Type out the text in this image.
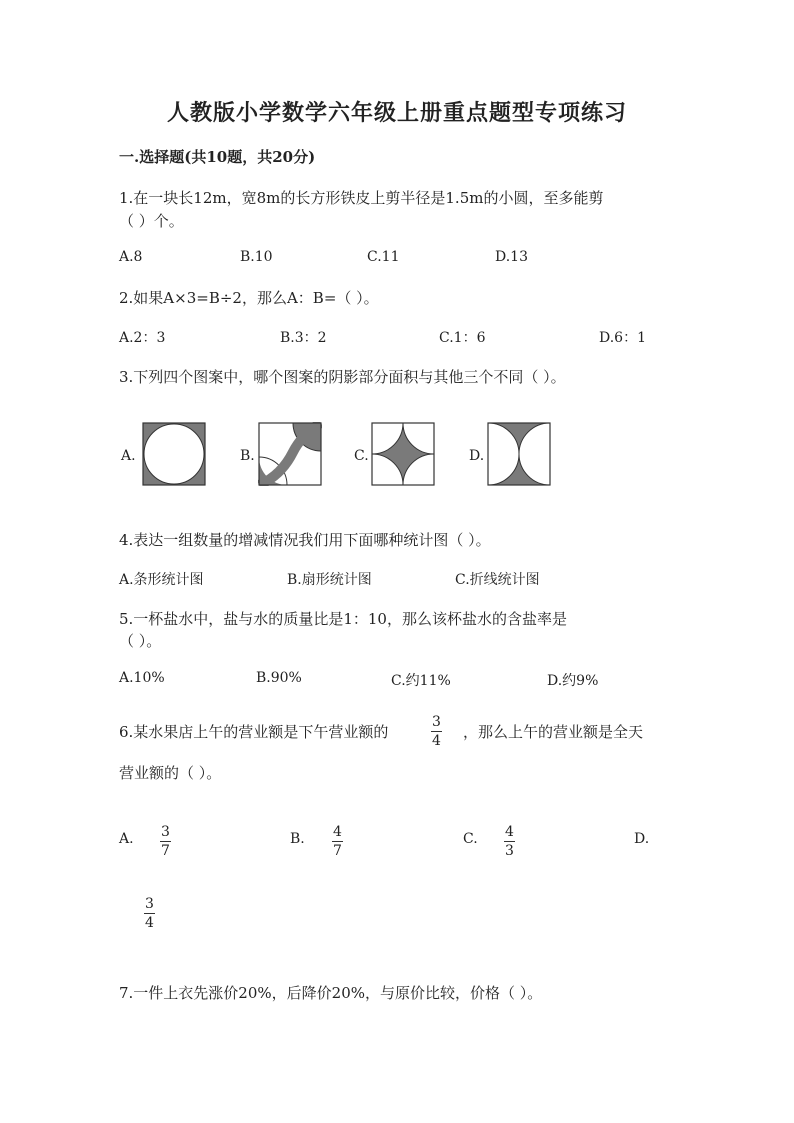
人教版小学数学六年级上册重点题型专项练习
一.选择题(共10题，共20分)
1.在一块长12m，宽8m的长方形铁皮上剪半径是1.5m的小圆，至多能剪
（ ）个。
A.8	B.10	C.11	D.13
2.如果A×3=B÷2，那么A：B=（ ）。
A.2：3	B.3：2	C.1：6	D.6：1
3.下列四个图案中，哪个图案的阴影部分面积与其他三个不同（ ）。
A.	B.	C.	D.
4.表达一组数量的增减情况我们用下面哪种统计图（ ）。
A.条形统计图	B.扇形统计图	C.折线统计图
5.一杯盐水中，盐与水的质量比是1：10，那么该杯盐水的含盐率是
（ ）。
A.10%	B.90%	C.约11%	D.约9%
6.某水果店上午的营业额是下午营业额的
3
4 ，那么上午的营业额是全天
营业额的（ ）。
A. 3
7
B. 4
7
C. 4
3
D.
3
4
7.一件上衣先涨价20%，后降价20%，与原价比较，价格（ ）。
